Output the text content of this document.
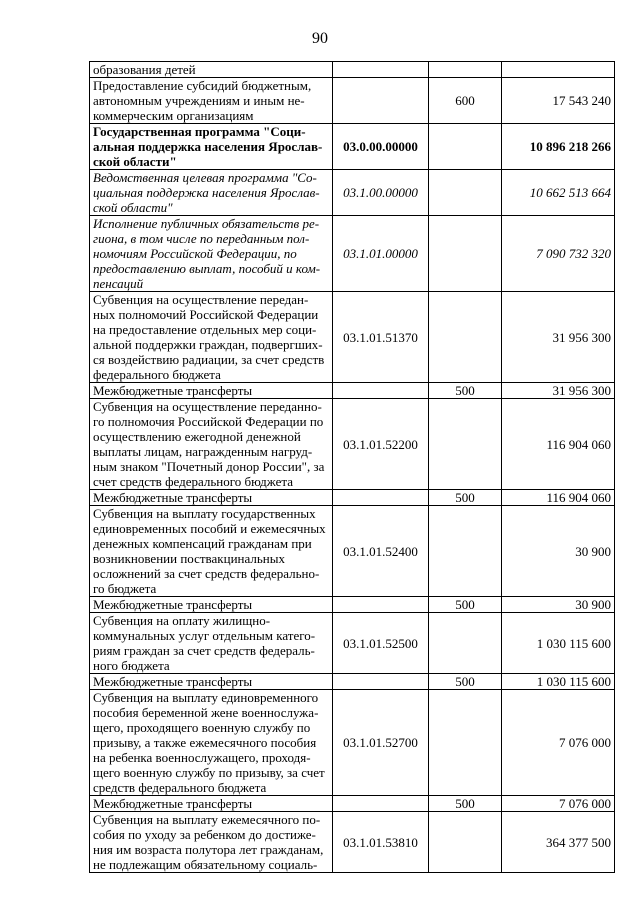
90
образования детей			
Предоставление субсидий бюджетным, автономным учреждениям и иным не- коммерческим организациям		600	17 543 240
Государственная программа "Соци- альная поддержка населения Ярослав- ской области"	03.0.00.00000		10 896 218 266
Ведомственная целевая программа "Со- циальная поддержка населения Ярослав- ской области"	03.1.00.00000		10 662 513 664
Исполнение публичных обязательств ре- гиона, в том числе по переданным пол- номочиям Российской Федерации, по предоставлению выплат, пособий и ком- пенсаций	03.1.01.00000		7 090 732 320
Субвенция на осуществление передан- ных полномочий Российской Федерации на предоставление отдельных мер соци- альной поддержки граждан, подвергших- ся воздействию радиации, за счет средств федерального бюджета	03.1.01.51370		31 956 300
Межбюджетные трансферты		500	31 956 300
Субвенция на осуществление переданно- го полномочия Российской Федерации по осуществлению ежегодной денежной выплаты лицам, награжденным нагруд- ным знаком "Почетный донор России", за счет средств федерального бюджета	03.1.01.52200		116 904 060
Межбюджетные трансферты		500	116 904 060
Субвенция на выплату государственных единовременных пособий и ежемесячных денежных компенсаций гражданам при возникновении поствакцинальных осложнений за счет средств федерально- го бюджета	03.1.01.52400		30 900
Межбюджетные трансферты		500	30 900
Субвенция на оплату жилищно- коммунальных услуг отдельным катего- риям граждан за счет средств федераль- ного бюджета	03.1.01.52500		1 030 115 600
Межбюджетные трансферты		500	1 030 115 600
Субвенция на выплату единовременного пособия беременной жене военнослужа- щего, проходящего военную службу по призыву, а также ежемесячного пособия на ребенка военнослужащего, проходя- щего военную службу по призыву, за счет средств федерального бюджета	03.1.01.52700		7 076 000
Межбюджетные трансферты		500	7 076 000
Субвенция на выплату ежемесячного по- собия по уходу за ребенком до достиже- ния им возраста полутора лет гражданам, не подлежащим обязательному социаль-	03.1.01.53810		364 377 500
